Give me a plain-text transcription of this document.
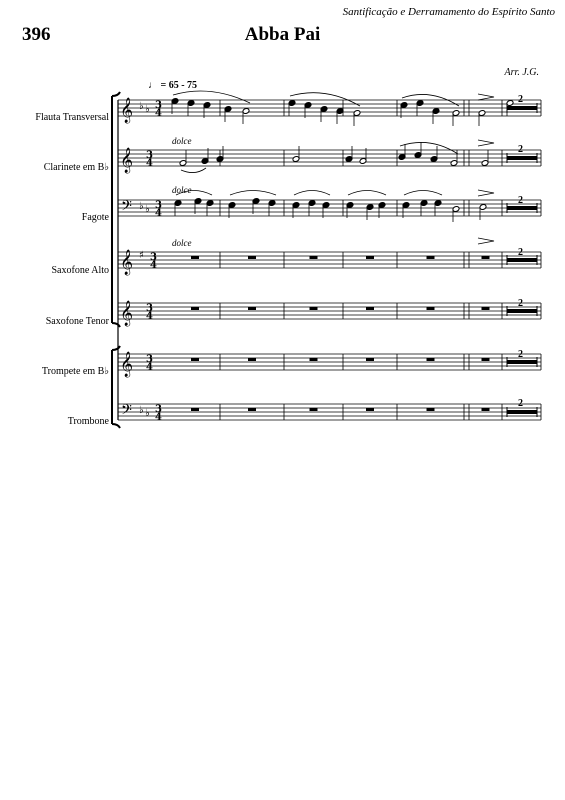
Santificação e Derramamento do Espírito Santo
396	Abba Pai
Arr. J.G.
♩ = 65 - 75
Flauta Transversal
Clarinete em B♭
Fagote
Saxofone Alto
Saxofone Tenor
Trompete em B♭
Trombone
dolce
dolce
dolce
2
2
2
2
2
2
2
𝄞 ♭ ♭ 3
4
𝄞 3
4
𝄢 ♭ ♭ 3
4
𝄞 ♯ 3
4
𝄞 3
4
𝄞 3
4
𝄢 ♭ ♭ 3
4
